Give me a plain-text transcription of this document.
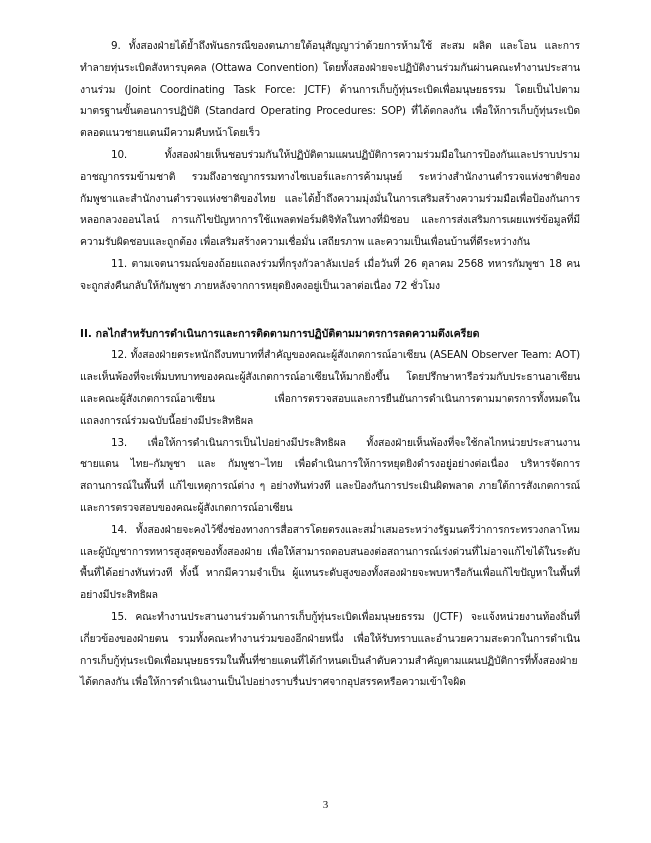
9. ทั้งสองฝ่ายได้ย้ำถึงพันธกรณีของตนภายใต้อนุสัญญาว่าด้วยการห้ามใช้ สะสม ผลิต และโอน และการทำลายทุ่นระเบิดสังหารบุคคล (Ottawa Convention) โดยทั้งสองฝ่ายจะปฏิบัติงานร่วมกันผ่านคณะทำงานประสานงานร่วม (Joint Coordinating Task Force: JCTF) ด้านการเก็บกู้ทุ่นระเบิดเพื่อมนุษยธรรม โดยเป็นไปตามมาตรฐานขั้นตอนการปฏิบัติ (Standard Operating Procedures: SOP) ที่ได้ตกลงกัน เพื่อให้การเก็บกู้ทุ่นระเบิดตลอดแนวชายแดนมีความคืบหน้าโดยเร็ว

10. ทั้งสองฝ่ายเห็นชอบร่วมกันให้ปฏิบัติตามแผนปฏิบัติการความร่วมมือในการป้องกันและปราบปรามอาชญากรรมข้ามชาติ รวมถึงอาชญากรรมทางไซเบอร์และการค้ามนุษย์ ระหว่างสำนักงานตำรวจแห่งชาติของกัมพูชาและสำนักงานตำรวจแห่งชาติของไทย และได้ย้ำถึงความมุ่งมั่นในการเสริมสร้างความร่วมมือเพื่อป้องกันการหลอกลวงออนไลน์ การแก้ไขปัญหาการใช้แพลตฟอร์มดิจิทัลในทางที่มิชอบ และการส่งเสริมการเผยแพร่ข้อมูลที่มีความรับผิดชอบและถูกต้อง เพื่อเสริมสร้างความเชื่อมั่น เสถียรภาพ และความเป็นเพื่อนบ้านที่ดีระหว่างกัน

11. ตามเจตนารมณ์ของถ้อยแถลงร่วมที่กรุงกัวลาลัมเปอร์ เมื่อวันที่ 26 ตุลาคม 2568 ทหารกัมพูชา 18 คน จะถูกส่งคืนกลับให้กัมพูชา ภายหลังจากการหยุดยิงคงอยู่เป็นเวลาต่อเนื่อง 72 ชั่วโมง

II. กลไกสำหรับการดำเนินการและการติดตามการปฏิบัติตามมาตรการลดความตึงเครียด

12. ทั้งสองฝ่ายตระหนักถึงบทบาทที่สำคัญของคณะผู้สังเกตการณ์อาเซียน (ASEAN Observer Team: AOT) และเห็นพ้องที่จะเพิ่มบทบาทของคณะผู้สังเกตการณ์อาเซียนให้มากยิ่งขึ้น โดยปรึกษาหารือร่วมกับประธานอาเซียนและคณะผู้สังเกตการณ์อาเซียน เพื่อการตรวจสอบและการยืนยันการดำเนินการตามมาตรการทั้งหมดในแถลงการณ์ร่วมฉบับนี้อย่างมีประสิทธิผล

13. เพื่อให้การดำเนินการเป็นไปอย่างมีประสิทธิผล ทั้งสองฝ่ายเห็นพ้องที่จะใช้กลไกหน่วยประสานงานชายแดน ไทย–กัมพูชา และ กัมพูชา–ไทย เพื่อดำเนินการให้การหยุดยิงดำรงอยู่อย่างต่อเนื่อง บริหารจัดการสถานการณ์ในพื้นที่ แก้ไขเหตุการณ์ต่าง ๆ อย่างทันท่วงที และป้องกันการประเมินผิดพลาด ภายใต้การสังเกตการณ์และการตรวจสอบของคณะผู้สังเกตการณ์อาเซียน

14. ทั้งสองฝ่ายจะคงไว้ซึ่งช่องทางการสื่อสารโดยตรงและสม่ำเสมอระหว่างรัฐมนตรีว่าการกระทรวงกลาโหมและผู้บัญชาการทหารสูงสุดของทั้งสองฝ่าย เพื่อให้สามารถตอบสนองต่อสถานการณ์เร่งด่วนที่ไม่อาจแก้ไขได้ในระดับพื้นที่ได้อย่างทันท่วงที ทั้งนี้ หากมีความจำเป็น ผู้แทนระดับสูงของทั้งสองฝ่ายจะพบหารือกันเพื่อแก้ไขปัญหาในพื้นที่อย่างมีประสิทธิผล

15. คณะทำงานประสานงานร่วมด้านการเก็บกู้ทุ่นระเบิดเพื่อมนุษยธรรม (JCTF) จะแจ้งหน่วยงานท้องถิ่นที่เกี่ยวข้องของฝ่ายตน รวมทั้งคณะทำงานร่วมของอีกฝ่ายหนึ่ง เพื่อให้รับทราบและอำนวยความสะดวกในการดำเนินการเก็บกู้ทุ่นระเบิดเพื่อมนุษยธรรมในพื้นที่ชายแดนที่ได้กำหนดเป็นลำดับความสำคัญตามแผนปฏิบัติการที่ทั้งสองฝ่ายได้ตกลงกัน เพื่อให้การดำเนินงานเป็นไปอย่างราบรื่นปราศจากอุปสรรคหรือความเข้าใจผิด

3
